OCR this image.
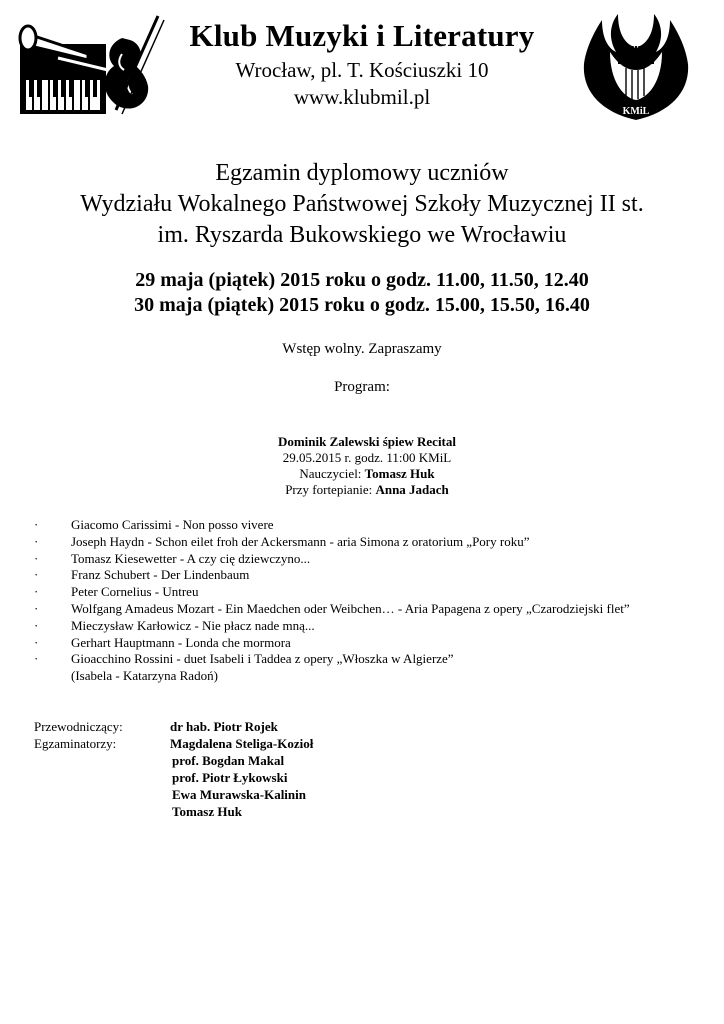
Klub Muzyki i Literatury
Wrocław, pl. T. Kościuszki 10
www.klubmil.pl
W
KMiL
Egzamin dyplomowy uczniów
Wydziału Wokalnego Państwowej Szkoły Muzycznej II st.
im. Ryszarda Bukowskiego we Wrocławiu
29 maja (piątek) 2015 roku o godz. 11.00, 11.50, 12.40
30 maja (piątek) 2015 roku o godz. 15.00, 15.50, 16.40
Wstęp wolny. Zapraszamy
Program:
Dominik Zalewski śpiew Recital
29.05.2015 r. godz. 11:00 KMiL
Nauczyciel: Tomasz Huk
Przy fortepianie: Anna Jadach
·	Giacomo Carissimi - Non posso vivere
·	Joseph Haydn - Schon eilet froh der Ackersmann - aria Simona z oratorium „Pory roku”
·	Tomasz Kiesewetter - A czy cię dziewczyno...
·	Franz Schubert - Der Lindenbaum
·	Peter Cornelius - Untreu
·	Wolfgang Amadeus Mozart - Ein Maedchen oder Weibchen… - Aria Papagena z opery „Czarodziejski flet”
·	Mieczysław Karłowicz - Nie płacz nade mną...
·	Gerhart Hauptmann - Londa che mormora
·	Gioacchino Rossini - duet Isabeli i Taddea z opery „Włoszka w Algierze”
(Isabela - Katarzyna Radoń)
Przewodniczący:	dr hab. Piotr Rojek
Egzaminatorzy:	Magdalena Steliga-Kozioł
prof. Bogdan Makal
prof. Piotr Łykowski
Ewa Murawska-Kalinin
Tomasz Huk
